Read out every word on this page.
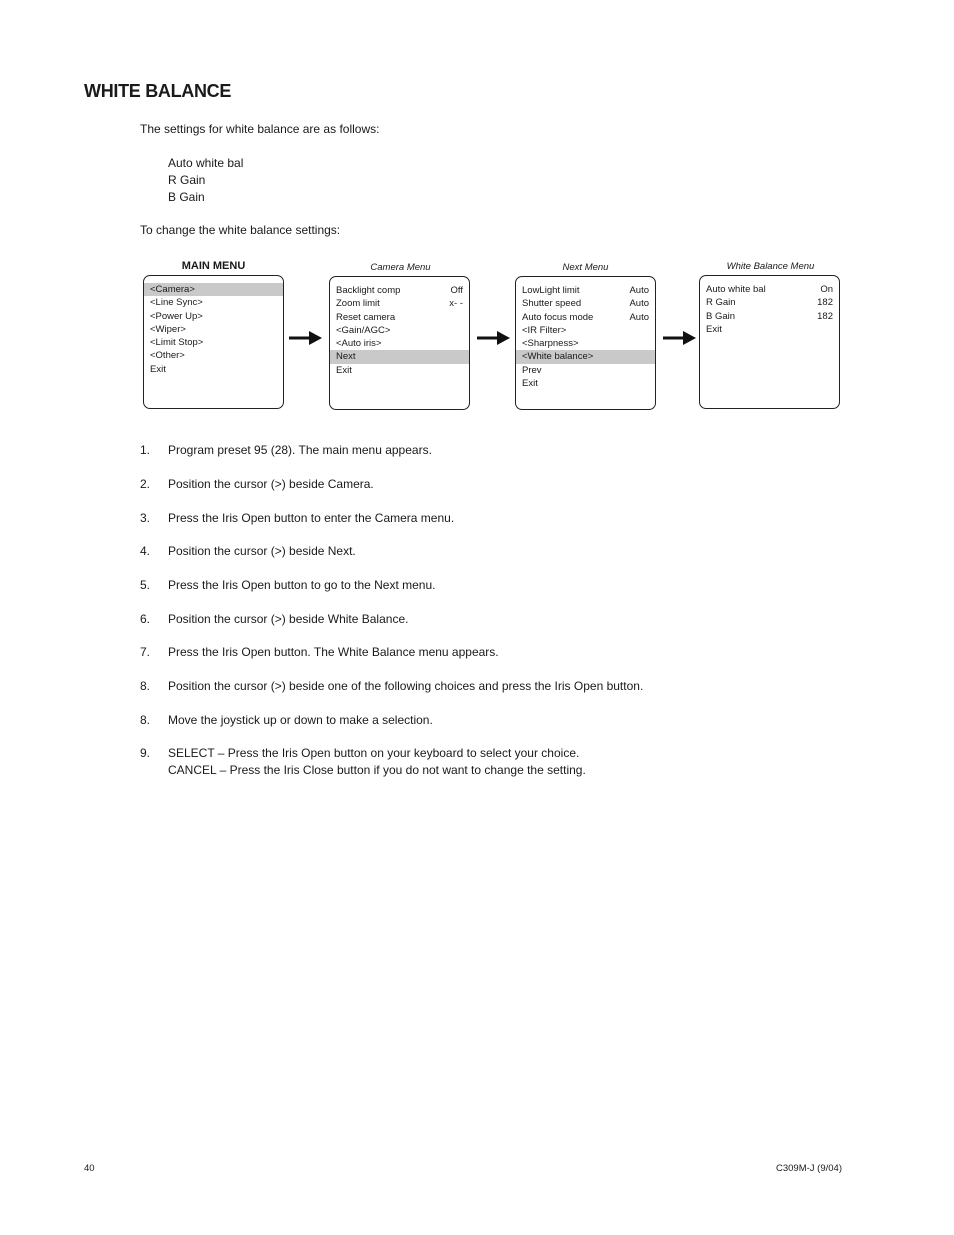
WHITE BALANCE
The settings for white balance are as follows:
Auto white bal
R Gain
B Gain
To change the white balance settings:
MAIN MENU
<Camera>
<Line Sync>
<Power Up>
<Wiper>
<Limit Stop>
<Other>
Exit
Camera Menu
Backlight comp	Off
Zoom limit	x- -
Reset camera
<Gain/AGC>
<Auto iris>
Next
Exit
Next Menu
LowLight limit	Auto
Shutter speed	Auto
Auto focus mode	Auto
<IR Filter>
<Sharpness>
<White balance>
Prev
Exit
White Balance Menu
Auto white bal	On
R Gain	182
B Gain	182
Exit
1. Program preset 95 (28). The main menu appears.
2. Position the cursor (>) beside Camera.
3. Press the Iris Open button to enter the Camera menu.
4. Position the cursor (>) beside Next.
5. Press the Iris Open button to go to the Next menu.
6. Position the cursor (>) beside White Balance.
7. Press the Iris Open button. The White Balance menu appears.
8. Position the cursor (>) beside one of the following choices and press the Iris Open button.
8. Move the joystick up or down to make a selection.
9. SELECT – Press the Iris Open button on your keyboard to select your choice.
CANCEL – Press the Iris Close button if you do not want to change the setting.
40	C309M-J (9/04)
